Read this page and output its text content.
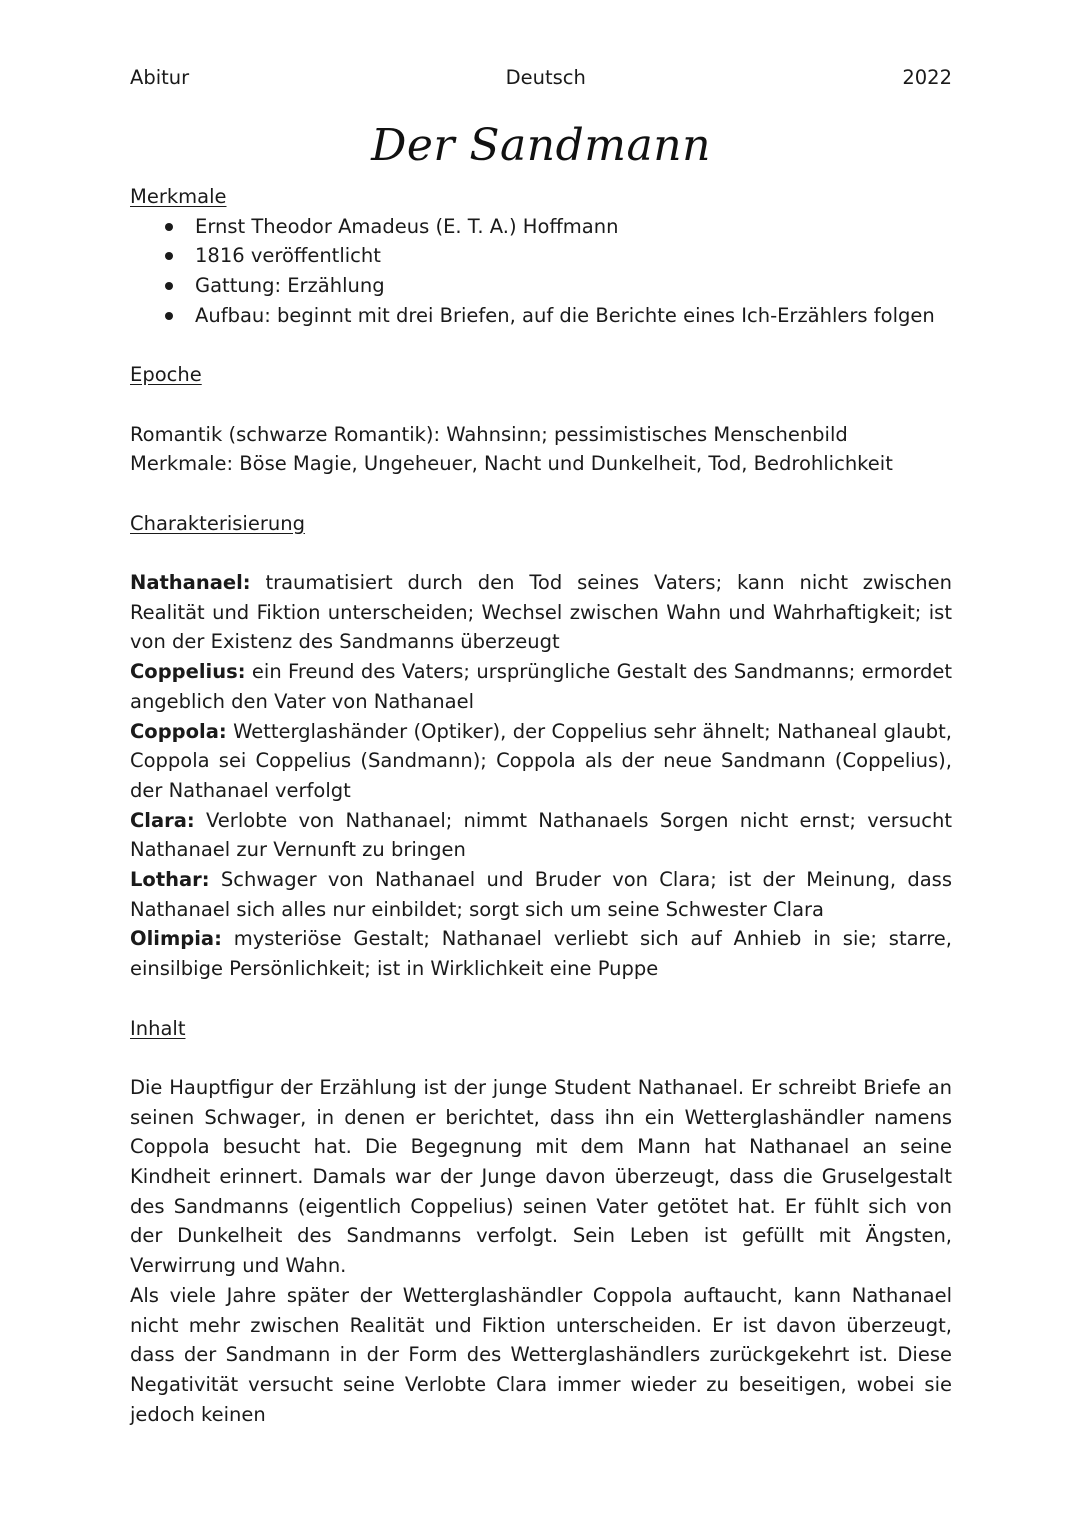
Abitur	Deutsch	2022
Der Sandmann

Merkmale

Ernst Theodor Amadeus (E. T. A.) Hoffmann
1816 veröffentlicht
Gattung: Erzählung
Aufbau: beginnt mit drei Briefen, auf die Berichte eines Ich-Erzählers folgen

Epoche

Romantik (schwarze Romantik): Wahnsinn; pessimistisches Menschenbild

Merkmale: Böse Magie, Ungeheuer, Nacht und Dunkelheit, Tod, Bedrohlichkeit

Charakterisierung

Nathanael: traumatisiert durch den Tod seines Vaters; kann nicht zwischen Realität und Fiktion unterscheiden; Wechsel zwischen Wahn und Wahrhaftigkeit; ist von der Existenz des Sandmanns überzeugt

Coppelius: ein Freund des Vaters; ursprüngliche Gestalt des Sandmanns; ermordet angeblich den Vater von Nathanael

Coppola: Wetterglashänder (Optiker), der Coppelius sehr ähnelt; Nathaneal glaubt, Coppola sei Coppelius (Sandmann); Coppola als der neue Sandmann (Coppelius), der Nathanael verfolgt

Clara: Verlobte von Nathanael; nimmt Nathanaels Sorgen nicht ernst; versucht Nathanael zur Vernunft zu bringen

Lothar: Schwager von Nathanael und Bruder von Clara; ist der Meinung, dass Nathanael sich alles nur einbildet; sorgt sich um seine Schwester Clara

Olimpia: mysteriöse Gestalt; Nathanael verliebt sich auf Anhieb in sie; starre, einsilbige Persönlichkeit; ist in Wirklichkeit eine Puppe

Inhalt

Die Hauptfigur der Erzählung ist der junge Student Nathanael. Er schreibt Briefe an seinen Schwager, in denen er berichtet, dass ihn ein Wetterglashändler namens Coppola besucht hat. Die Begegnung mit dem Mann hat Nathanael an seine Kindheit erinnert. Damals war der Junge davon überzeugt, dass die Gruselgestalt des Sandmanns (eigentlich Coppelius) seinen Vater getötet hat. Er fühlt sich von der Dunkelheit des Sandmanns verfolgt. Sein Leben ist gefüllt mit Ängsten, Verwirrung und Wahn.

Als viele Jahre später der Wetterglashändler Coppola auftaucht, kann Nathanael nicht mehr zwischen Realität und Fiktion unterscheiden. Er ist davon überzeugt, dass der Sandmann in der Form des Wetterglashändlers zurückgekehrt ist. Diese Negativität versucht seine Verlobte Clara immer wieder zu beseitigen, wobei sie jedoch keinen
